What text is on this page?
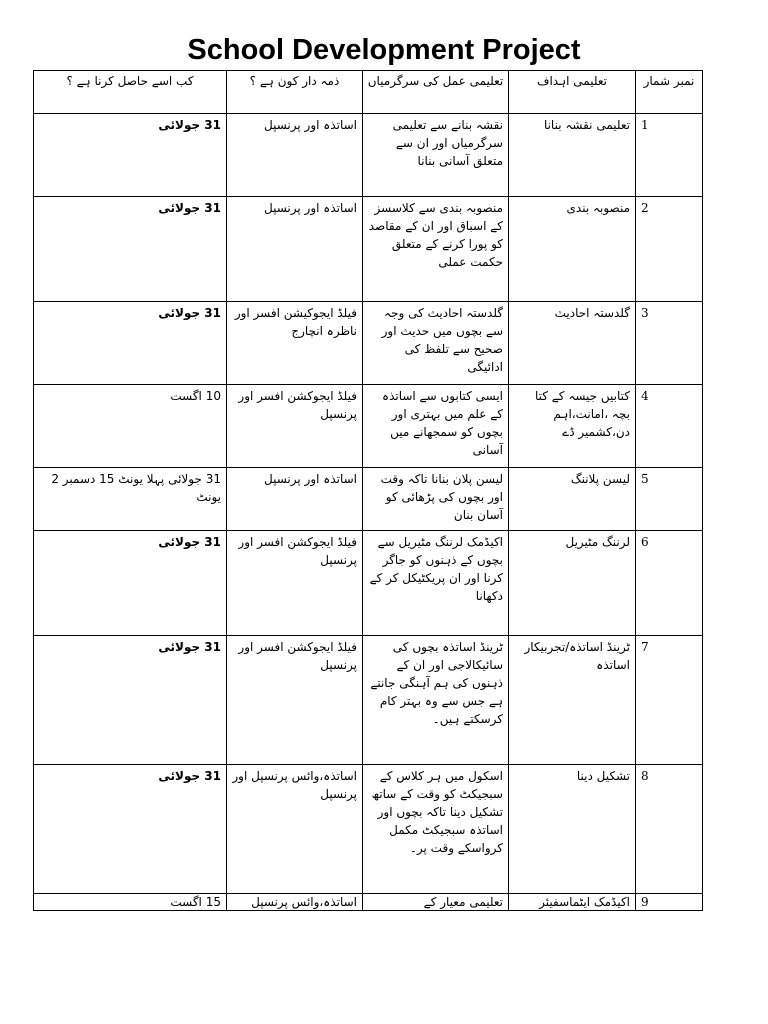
School Development Project
نمبر شمار	تعلیمی اہداف	تعلیمی عمل کی سرگرمیاں	ذمہ دار کون ہے ؟	کب اسے حاصل کرنا ہے ؟
1	تعلیمی نقشہ بنانا	نقشہ بنانے سے تعلیمی سرگرمیاں اور ان سے متعلق آسانی بنانا	اساتذہ اور پرنسپل	31 جولائی
2	منصوبہ بندی	منصوبہ بندی سے کلاسسز کے اسباق اور ان کے مقاصد کو پورا کرنے کے متعلق حکمت عملی	اساتذہ اور پرنسپل	31 جولائی
3	گلدستہ احادیث	گلدستہ احادیث کی وجہ سے بچوں میں حدیث اور صحیح سے تلفظ کی ادائیگی	فیلڈ ایجوکیشن افسر اور ناظرہ انچارج	31 جولائی
4	کتابیں جیسہ کے کتا بچہ ،امانت،اہم دن،کشمیر ڈے	ایسی کتابوں سے اساتذہ کے علم میں بہتری اور بچوں کو سمجھانے میں آسانی	فیلڈ ایجوکشن افسر اور پرنسپل	10 اگست
5	لیسن پلاننگ	لیسن پلان بنانا تاکہ وقت اور بچوں کی پڑھائی کو آسان بنان	اساتذہ اور پرنسپل	31 جولائی پہلا یونٹ 15 دسمبر 2 یونٹ
6	لرننگ مٹیریل	اکیڈمک لرننگ مٹیریل سے بچوں کے ذہنوں کو جاگر کرنا اور ان پریکٹیکل کر کے دکھانا	فیلڈ ایجوکشن افسر اور پرنسپل	31 جولائی
7	ٹرینڈ اساتذہ/تجربیکار اساتذہ	ٹرینڈ اساتذہ بچوں کی سائیکالاجی اور ان کے ذہنوں کی ہم آہنگی جانتے ہے جس سے وہ بہتر کام کرسکتے ہیں۔	فیلڈ ایجوکشن افسر اور پرنسپل	31 جولائی
8	تشکیل دینا	اسکول میں ہر کلاس کے سبجیکٹ کو وقت کے ساتھ تشکیل دینا تاکہ بچوں اور اساتذہ سبجیکٹ مکمل کرواسکے وقت پر۔	اساتذہ،وائس پرنسپل اور پرنسپل	31 جولائی
9	اکیڈمک ایٹماسفیئر	تعلیمی معیار کے	اساتذہ،وائس پرنسپل	15 اگست
